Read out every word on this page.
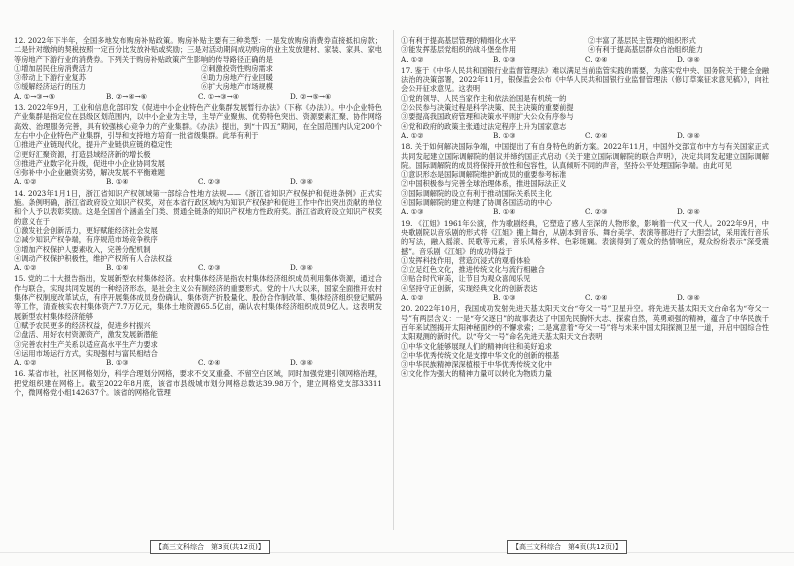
12. 2022年下半年，全国多地发布购房补贴政策。购房补贴主要有三种类型：一是发放购房消费券直接抵扣房款；二是针对缴纳的契税按照一定百分比发放补贴或奖励；三是对活动期间成功购房的业主发放建材、家装、家具、家电等房地产下游行业的消费券。下列关于购房补贴政策产生影响的传导路径正确的是
①增加居民住房消费活力	②刺激投资性购房需求
③带动上下游行业复苏	④助力房地产行业回暖
⑤缓解经济运行的压力	⑥扩大房地产市场规模
A. ①→③→⑤	B. ②→④→⑥	C. ①→③→④	D. ②→⑤→⑥
13. 2022年9月，工业和信息化部印发《促进中小企业特色产业集群发展暂行办法》（下称《办法》）。中小企业特色产业集群是指定位在县级区划范围内，以中小企业为主导，主导产业聚焦、优势特色突出、资源要素汇聚、协作网络高效、治理服务完善，具有较强核心竞争力的产业集群。《办法》提出，到“十四五”期间，在全国范围内认定200个左右中小企业特色产业集群，引导和支持地方培育一批省级集群。此举有利于
①推进产业链现代化，提升产业链供应链的稳定性
②更好汇聚资源，打造县域经济新的增长极
③推进产业数字化升级，促进中小企业协同发展
④弥补中小企业融资劣势，解决发展不平衡难题
A. ①②	B. ①④	C. ②③	D. ③④
14. 2023年1月1日，浙江省知识产权领域第一部综合性地方法规——《浙江省知识产权保护和促进条例》正式实施。条例明确，浙江省政府设立知识产权奖，对在本省行政区域内为知识产权保护和促进工作中作出突出贡献的单位和个人予以表彰奖励。这是全国首个涵盖全门类、贯通全链条的知识产权地方性政府奖。浙江省政府设立知识产权奖的意义在于
①激发社会创新活力，更好赋能经济社会发展
②减少知识产权争端，有序规范市场竞争秩序
③增加产权保护人要素收入，完善分配机制
④调动产权保护积极性，维护产权所有人合法权益
A. ①②	B. ①④	C. ②③	D. ③④
15. 党的二十大报告指出，发展新型农村集体经济。农村集体经济是指农村集体经济组织成员利用集体资源，通过合作与联合，实现共同发展的一种经济形态，是社会主义公有制经济的重要形式。党的十八大以来，国家全面推开农村集体产权制度改革试点，有序开展集体成员身份确认、集体资产折股量化、股份合作制改革、集体经济组织登记赋码等工作，清查核实农村集体资产7.7万亿元，集体土地资源65.5亿亩，确认农村集体经济组织成员9亿人。这表明发展新型农村集体经济能够
①赋予农民更多的经济权益，促进乡村振兴
②盘活、用好农村资源资产，激发发展新潜能
③完善农村生产关系以适应高水平生产力要求
④运用市场运行方式，实现强村与富民相结合
A. ①②	B. ①③	C. ②④	D. ③④
16. 某省市社，社区网格划分，科学合理划分网格，要求不交叉重叠、不留空白区域，同时加强党建引领网格治理，把党组织建在网格上。截至2022年8月底，该省市县级城市划分网格总数达39.98万个，建立网格党支部33311个，微网格党小组142637个。该省的网格化管理
①有利于提高基层管理的精细化水平	②丰富了基层民主管理的组织形式
③能发挥基层党组织的战斗堡垒作用	④有利于提高基层群众自治组织能力
A. ①②	B. ①③	C. ②④	D. ③④
17. 鉴于《中华人民共和国银行业监督管理法》难以满足当前监管实践的需要，为落实党中央、国务院关于健全金融法治的决策部署，2022年11月，银保监会公布《中华人民共和国银行业监督管理法（修订草案征求意见稿）》，向社会公开征求意见。这表明
①党的领导、人民当家作主和依法治国是有机统一的
②公民参与决策过程是科学决策、民主决策的重要前提
③要提高我国政府管理和决策水平则扩大公众有序参与
④党和政府的政策主张通过法定程序上升为国家意志
A. ①②	B. ①③	C. ②④	D. ③④
18. 关于如何解决国际争端，中国提出了有自身特色的新方案。2022年11月，中国外交部宣布中方与有关国家正式共同发起建立国际调解院的倡议并缔约国正式启动《关于建立国际调解院的联合声明》，决定共同发起建立国际调解院。国际调解院的成员将保持开放性和包容性，认真倾听不同的声音，坚持公平处理国际争端。由此可见
①意识形态是国际调解院维护新成员的重要参考标准
②中国积极参与完善全球治理体系，推进国际法正义
③国际调解院的设立有利于推动国际关系民主化
④国际调解院的建立构建了协调各国活动的中心
A. ①③	B. ①④	C. ②③	D. ②④
19. 《江姐》1961年公演，作为歌剧经典，它塑造了感人至深的人物形象，影响着一代又一代人。2022年9月，中央歌剧院以音乐剧的形式将《江姐》搬上舞台，从剧本到音乐、舞台美学、表演等都进行了大胆尝试，采用流行音乐的写法，融入摇滚、民歌等元素，音乐风格多样、色彩斑斓。表演得到了观众的热情响应，观众纷纷表示“深受震撼”。音乐剧《江姐》的成功得益于
①发挥科技作用，营造沉浸式的观看体验
②立足红色文化，推进传统文化与流行相融合
③贴合时代审美，让节目为观众喜闻乐见
④坚持守正创新，实现经典文化的创新表达
A. ①②	B. ①③	C. ②④	D. ③④
20. 2022年10月，我国成功发射先进天基太阳天文台“夸父一号”卫星升空。将先进天基太阳天文台命名为“夸父一号”有两层含义：一是“夸父逐日”的故事表达了中国先民胸怀大志、探索自然，英勇顽强的精神，蕴含了中华民族千百年来试图揭开太阳神秘面纱的不懈求索；二是寓意着“夸父一号”将与未来中国太阳探测卫星一道，开启中国综合性太阳观测的新时代。以“夸父一号”命名先进天基太阳天文台表明
①中华文化能够展现人们的精神向往和美好追求
②中华优秀传统文化是支撑中华文化的创新的根基
③中华民族精神深深植根于中华优秀传统文化中
④文化作为强大的精神力量可以转化为物质力量
【高三文科综合　第3页(共12页)】	【高三文科综合　第4页(共12页)】
